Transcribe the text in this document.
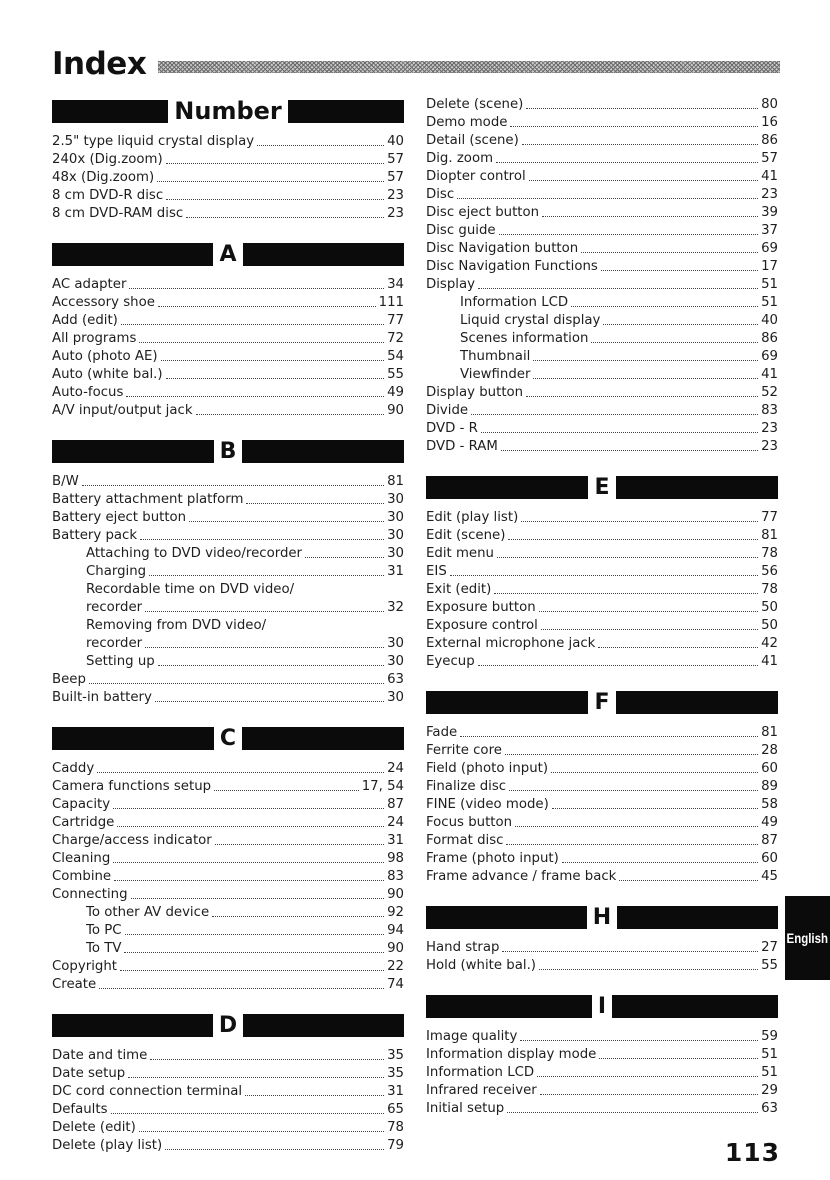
Index
Number
2.5" type liquid crystal display	40
240x (Dig.zoom)	57
48x (Dig.zoom)	57
8 cm DVD-R disc	23
8 cm DVD-RAM disc	23
A
AC adapter	34
Accessory shoe	111
Add (edit)	77
All programs	72
Auto (photo AE)	54
Auto (white bal.)	55
Auto-focus	49
A/V input/output jack	90
B
B/W	81
Battery attachment platform	30
Battery eject button	30
Battery pack	30
Attaching to DVD video/recorder	30
Charging	31
Recordable time on DVD video/
recorder	32
Removing from DVD video/
recorder	30
Setting up	30
Beep	63
Built-in battery	30
C
Caddy	24
Camera functions setup	17, 54
Capacity	87
Cartridge	24
Charge/access indicator	31
Cleaning	98
Combine	83
Connecting	90
To other AV device	92
To PC	94
To TV	90
Copyright	22
Create	74
D
Date and time	35
Date setup	35
DC cord connection terminal	31
Defaults	65
Delete (edit)	78
Delete (play list)	79
Delete (scene)	80
Demo mode	16
Detail (scene)	86
Dig. zoom	57
Diopter control	41
Disc	23
Disc eject button	39
Disc guide	37
Disc Navigation button	69
Disc Navigation Functions	17
Display	51
Information LCD	51
Liquid crystal display	40
Scenes information	86
Thumbnail	69
Viewfinder	41
Display button	52
Divide	83
DVD - R	23
DVD - RAM	23
E
Edit (play list)	77
Edit (scene)	81
Edit menu	78
EIS	56
Exit (edit)	78
Exposure button	50
Exposure control	50
External microphone jack	42
Eyecup	41
F
Fade	81
Ferrite core	28
Field (photo input)	60
Finalize disc	89
FINE (video mode)	58
Focus button	49
Format disc	87
Frame (photo input)	60
Frame advance / frame back	45
H
Hand strap	27
Hold (white bal.)	55
I
Image quality	59
Information display mode	51
Information LCD	51
Infrared receiver	29
Initial setup	63
English
113
